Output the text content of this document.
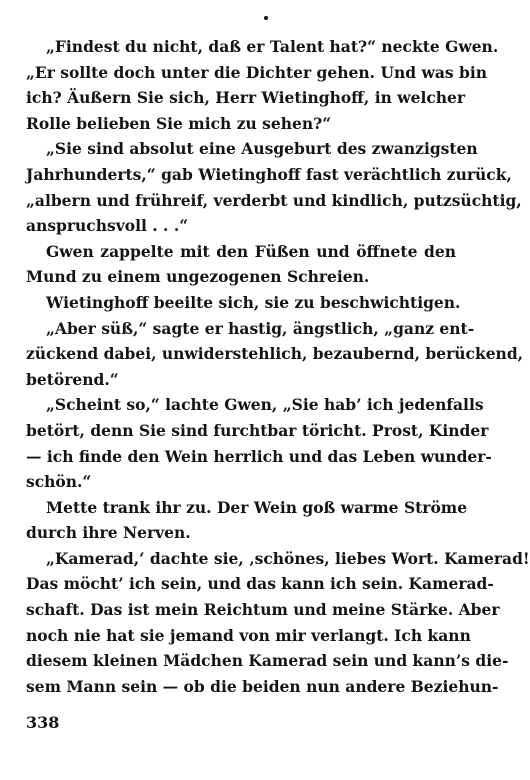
„Findest du nicht, daß er Talent hat?“ neckte Gwen.
„Er sollte doch unter die Dichter gehen. Und was bin
ich? Äußern Sie sich, Herr Wietinghoff, in welcher
Rolle belieben Sie mich zu sehen?“
„Sie sind absolut eine Ausgeburt des zwanzigsten
Jahrhunderts,“ gab Wietinghoff fast verächtlich zurück,
„albern und frühreif, verderbt und kindlich, putzsüchtig,
anspruchsvoll . . .“
Gwen zappelte mit den Füßen und öffnete den
Mund zu einem ungezogenen Schreien.
Wietinghoff beeilte sich, sie zu beschwichtigen.
„Aber süß,“ sagte er hastig, ängstlich, „ganz ent-
zückend dabei, unwiderstehlich, bezaubernd, berückend,
betörend.“
„Scheint so,“ lachte Gwen, „Sie hab’ ich jedenfalls
betört, denn Sie sind furchtbar töricht. Prost, Kinder
— ich finde den Wein herrlich und das Leben wunder-
schön.“
Mette trank ihr zu. Der Wein goß warme Ströme
durch ihre Nerven.
„Kamerad,‘ dachte sie, ‚schönes, liebes Wort. Kamerad!
Das möcht’ ich sein, und das kann ich sein. Kamerad-
schaft. Das ist mein Reichtum und meine Stärke. Aber
noch nie hat sie jemand von mir verlangt. Ich kann
diesem kleinen Mädchen Kamerad sein und kann’s die-
sem Mann sein — ob die beiden nun andere Beziehun-
338
